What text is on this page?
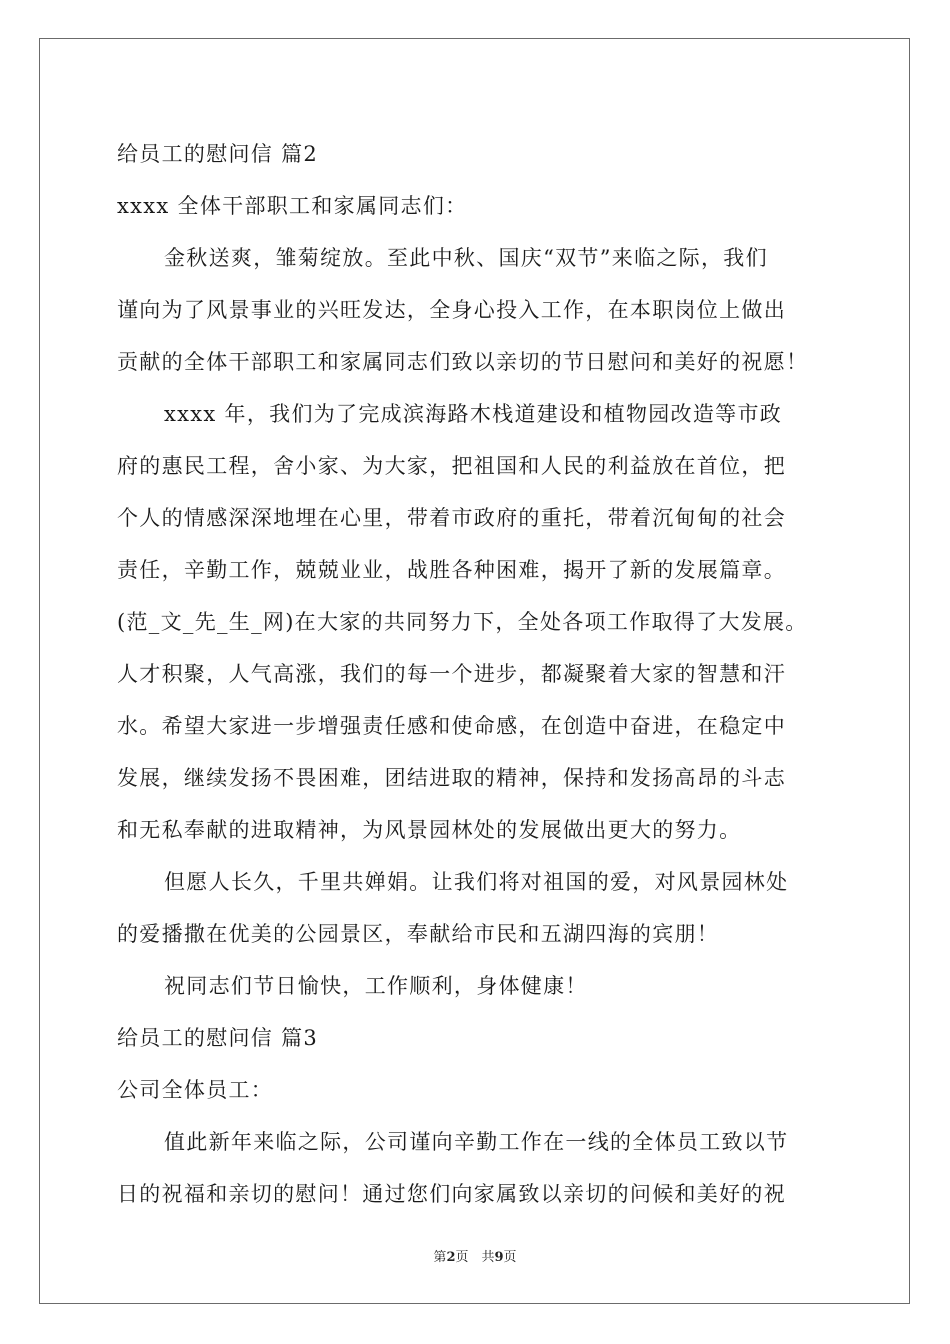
给员工的慰问信 篇2
xxxx 全体干部职工和家属同志们：
金秋送爽，雏菊绽放。至此中秋、国庆“双节”来临之际，我们
谨向为了风景事业的兴旺发达，全身心投入工作，在本职岗位上做出
贡献的全体干部职工和家属同志们致以亲切的节日慰问和美好的祝愿！
xxxx 年，我们为了完成滨海路木栈道建设和植物园改造等市政
府的惠民工程，舍小家、为大家，把祖国和人民的利益放在首位，把
个人的情感深深地埋在心里，带着市政府的重托，带着沉甸甸的社会
责任，辛勤工作，兢兢业业，战胜各种困难，揭开了新的发展篇章。
(范_文_先_生_网)在大家的共同努力下，全处各项工作取得了大发展。
人才积聚，人气高涨，我们的每一个进步，都凝聚着大家的智慧和汗
水。希望大家进一步增强责任感和使命感，在创造中奋进，在稳定中
发展，继续发扬不畏困难，团结进取的精神，保持和发扬高昂的斗志
和无私奉献的进取精神，为风景园林处的发展做出更大的努力。
但愿人长久，千里共婵娟。让我们将对祖国的爱，对风景园林处
的爱播撒在优美的公园景区，奉献给市民和五湖四海的宾朋！
祝同志们节日愉快，工作顺利，身体健康！
给员工的慰问信 篇3
公司全体员工：
值此新年来临之际，公司谨向辛勤工作在一线的全体员工致以节
日的祝福和亲切的慰问！通过您们向家属致以亲切的问候和美好的祝
第2页　共9页
